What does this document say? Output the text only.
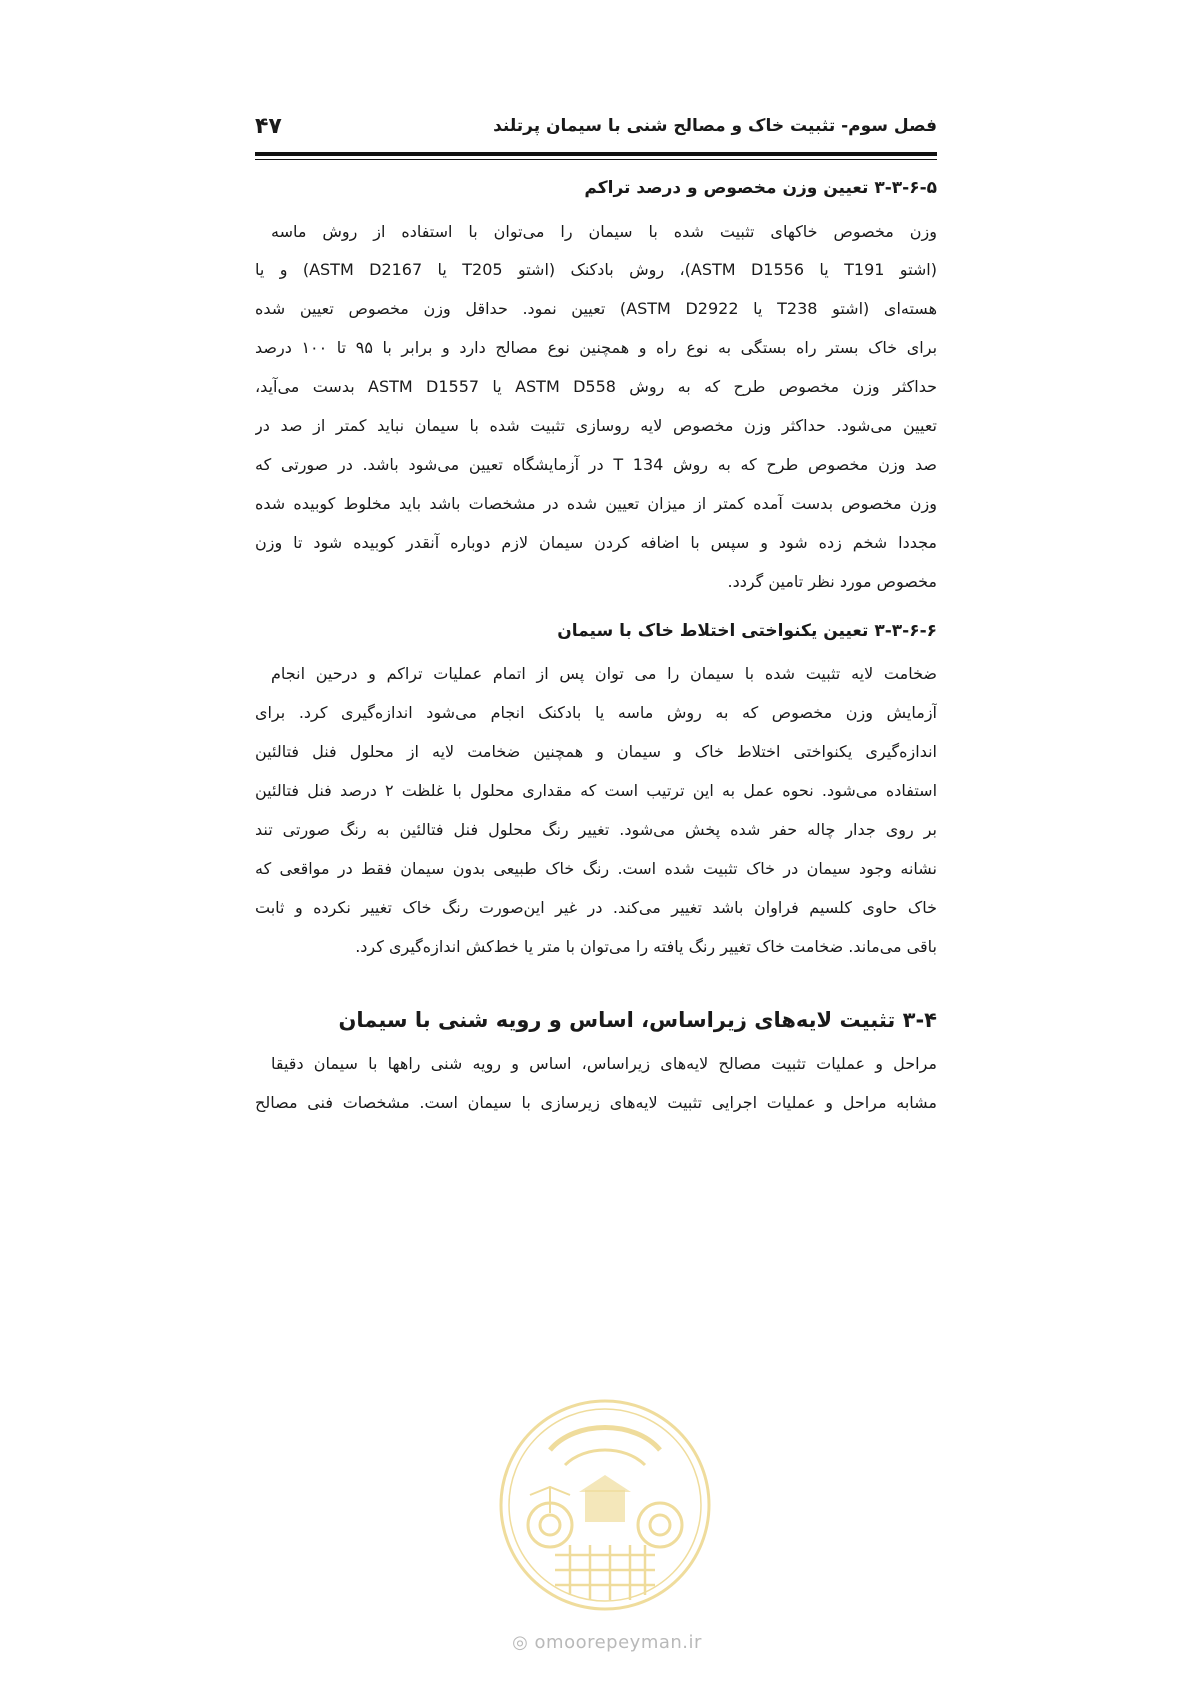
۴۷	فصل سوم- تثبیت خاک و مصالح شنی با سیمان پرتلند
۳-۳-۶-۵ تعیین وزن مخصوص و درصد تراکم
وزن مخصوص خاکهای تثبیت شده با سیمان را می‌توان با استفاده از روش ماسه
(اشتو T191 یا ASTM D1556)، روش بادکنک (اشتو T205 یا ASTM D2167) و یا
هسته‌ای (اشتو T238 یا ASTM D2922) تعیین نمود. حداقل وزن مخصوص تعیین شده
برای خاک بستر راه بستگی به نوع راه و همچنین نوع مصالح دارد و برابر با ۹۵ تا ۱۰۰ درصد
حداکثر وزن مخصوص طرح که به روش ASTM D558 یا ASTM D1557 بدست می‌آید،
تعیین می‌شود. حداکثر وزن مخصوص لایه روسازی تثبیت شده با سیمان نباید کمتر از صد در
صد وزن مخصوص طرح که به روش T 134 در آزمایشگاه تعیین می‌شود باشد. در صورتی که
وزن مخصوص بدست آمده کمتر از میزان تعیین شده در مشخصات باشد باید مخلوط کوبیده شده
مجددا شخم زده شود و سپس با اضافه کردن سیمان لازم دوباره آنقدر کوبیده شود تا وزن
مخصوص مورد نظر تامین گردد.
۳-۳-۶-۶ تعیین یکنواختی اختلاط خاک با سیمان
ضخامت لایه تثبیت شده با سیمان را می توان پس از اتمام عملیات تراکم و درحین انجام
آزمایش وزن مخصوص که به روش ماسه یا بادکنک انجام می‌شود اندازه‌گیری کرد. برای
اندازه‌گیری یکنواختی اختلاط خاک و سیمان و همچنین ضخامت لایه از محلول فنل فتالئین
استفاده می‌شود. نحوه عمل به این ترتیب است که مقداری محلول با غلظت ۲ درصد فنل فتالئین
بر روی جدار چاله حفر شده پخش می‌شود. تغییر رنگ محلول فنل فتالئین به رنگ صورتی تند
نشانه وجود سیمان در خاک تثبیت شده است. رنگ خاک طبیعی بدون سیمان فقط در مواقعی که
خاک حاوی کلسیم فراوان باشد تغییر می‌کند. در غیر این‌صورت رنگ خاک تغییر نکرده و ثابت
باقی می‌ماند. ضخامت خاک تغییر رنگ یافته را می‌توان با متر یا خط‌کش اندازه‌گیری کرد.
۳-۴ تثبیت لایه‌های زیراساس، اساس و رویه شنی با سیمان
مراحل و عملیات تثبیت مصالح لایه‌های زیراساس، اساس و رویه شنی راهها با سیمان دقیقا
مشابه مراحل و عملیات اجرایی تثبیت لایه‌های زیرسازی با سیمان است. مشخصات فنی مصالح
◎ omoorepeyman.ir
